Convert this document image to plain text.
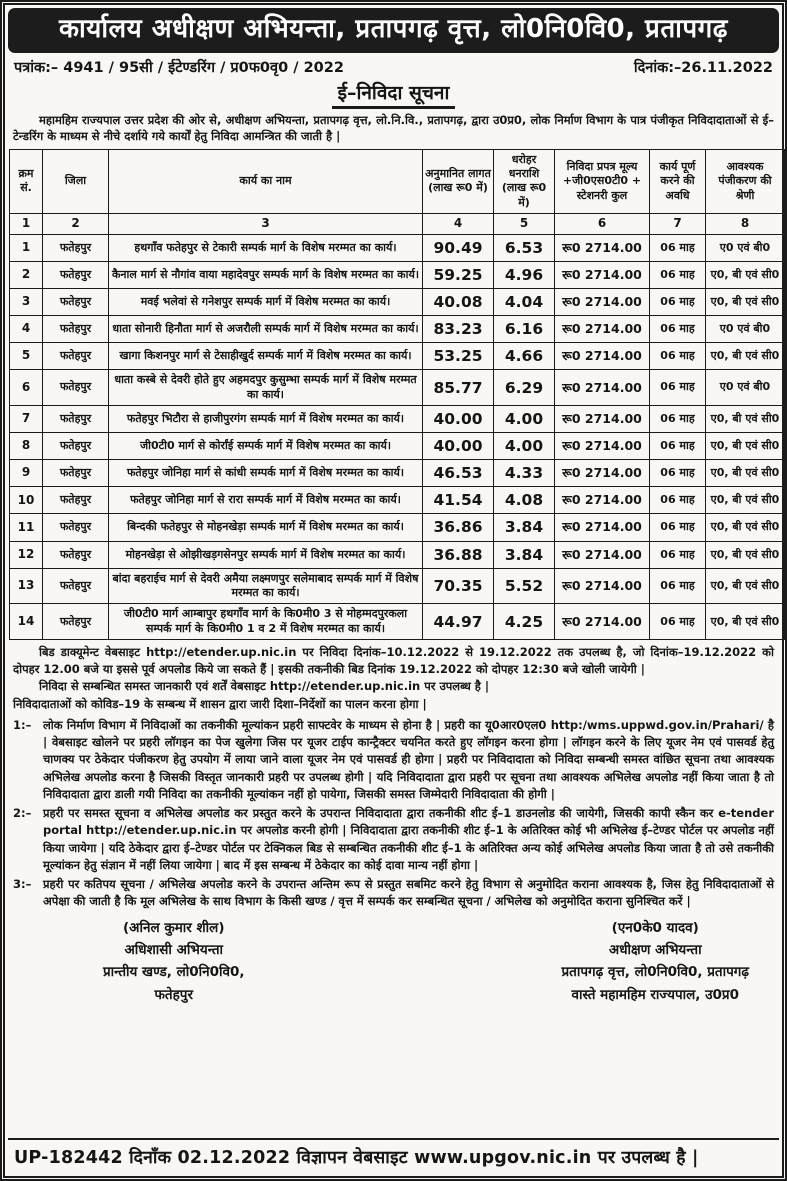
कार्यालय अधीक्षण अभियन्ता, प्रतापगढ़ वृत्त, लो0नि0वि0, प्रतापगढ़
पत्रांक:– 4941 / 95सी / ईटेण्डरिंग / प्र0फ0वृ0 / 2022	दिनांक:–26.11.2022
ई–निविदा सूचना

महामहिम राज्यपाल उत्तर प्रदेश की ओर से, अधीक्षण अभियन्ता, प्रतापगढ़ वृत्त, लो.नि.वि., प्रतापगढ़, द्वारा उ0प्र0, लोक निर्माण विभाग के पात्र पंजीकृत निविदादाताओं से ई–टेन्डरिंग के माध्यम से नीचे दर्शाये गये कार्यों हेतु निविदा आमन्त्रित की जाती है |

क्रम सं.	जिला	कार्य का नाम	अनुमानित लागत (लाख रू0 में)	धरोहर धनराशि (लाख रू0 में)	निविदा प्रपत्र मूल्य +जी0एस0टी0 + स्टेशनरी कुल	कार्य पूर्ण करने की अवधि	आवश्यक पंजीकरण की श्रेणी
1	2	3	4	5	6	7	8
1	फतेहपुर	हथगाँव फतेहपुर से टेकारी सम्पर्क मार्ग के विशेष मरम्मत का कार्य।	90.49	6.53	रू0 2714.00	06 माह	ए0 एवं बी0
2	फतेहपुर	कैनाल मार्ग से नौगांव वाया महादेवपुर सम्पर्क मार्ग के विशेष मरम्मत का कार्य।	59.25	4.96	रू0 2714.00	06 माह	ए0, बी एवं सी0
3	फतेहपुर	मवई भलेवां से गनेशपुर सम्पर्क मार्ग में विशेष मरम्मत का कार्य।	40.08	4.04	रू0 2714.00	06 माह	ए0, बी एवं सी0
4	फतेहपुर	धाता सोनारी हिनौता मार्ग से अजरौली सम्पर्क मार्ग में विशेष मरम्मत का कार्य।	83.23	6.16	रू0 2714.00	06 माह	ए0 एवं बी0
5	फतेहपुर	खागा किशनपुर मार्ग से टेसाहीखुर्द सम्पर्क मार्ग में विशेष मरम्मत का कार्य।	53.25	4.66	रू0 2714.00	06 माह	ए0, बी एवं सी0
6	फतेहपुर	धाता कस्बे से देवरी होते हुए अहमदपुर कुसुम्भा सम्पर्क मार्ग में विशेष मरम्मत का कार्य।	85.77	6.29	रू0 2714.00	06 माह	ए0 एवं बी0
7	फतेहपुर	फतेहपुर भिटौरा से हाजीपुरगंग सम्पर्क मार्ग में विशेष मरम्मत का कार्य।	40.00	4.00	रू0 2714.00	06 माह	ए0, बी एवं सी0
8	फतेहपुर	जी0टी0 मार्ग से कोर्रांई सम्पर्क मार्ग में विशेष मरम्मत का कार्य।	40.00	4.00	रू0 2714.00	06 माह	ए0, बी एवं सी0
9	फतेहपुर	फतेहपुर जोनिहा मार्ग से कांधी सम्पर्क मार्ग में विशेष मरम्मत का कार्य।	46.53	4.33	रू0 2714.00	06 माह	ए0, बी एवं सी0
10	फतेहपुर	फतेहपुर जोनिहा मार्ग से रारा सम्पर्क मार्ग में विशेष मरम्मत का कार्य।	41.54	4.08	रू0 2714.00	06 माह	ए0, बी एवं सी0
11	फतेहपुर	बिन्दकी फतेहपुर से मोहनखेड़ा सम्पर्क मार्ग में विशेष मरम्मत का कार्य।	36.86	3.84	रू0 2714.00	06 माह	ए0, बी एवं सी0
12	फतेहपुर	मोहनखेड़ा से ओझीखड़गसेनपुर सम्पर्क मार्ग में विशेष मरम्मत का कार्य।	36.88	3.84	रू0 2714.00	06 माह	ए0, बी एवं सी0
13	फतेहपुर	बांदा बहराईच मार्ग से देवरी अमैया लक्ष्मणपुर सलेमाबाद सम्पर्क मार्ग में विशेष मरम्मत का कार्य।	70.35	5.52	रू0 2714.00	06 माह	ए0, बी एवं सी0
14	फतेहपुर	जी0टी0 मार्ग आम्बापुर हथगाँव मार्ग के कि0मी0 3 से मोहम्मदपुरकला सम्पर्क मार्ग के कि0मी0 1 व 2 में विशेष मरम्मत का कार्य।	44.97	4.25	रू0 2714.00	06 माह	ए0, बी एवं सी0

बिड डाक्यूमेन्ट वेबसाइट http://etender.up.nic.in पर निविदा दिनांक–10.12.2022 से 19.12.2022 तक उपलब्ध है, जो दिनांक–19.12.2022 को दोपहर 12.00 बजे या इससे पूर्व अपलोड किये जा सकते हैं | इसकी तकनीकी बिड दिनांक 19.12.2022 को दोपहर 12:30 बजे खोली जायेगी |

निविदा से सम्बन्धित समस्त जानकारी एवं शर्तें वेबसाइट http://etender.up.nic.in पर उपलब्ध है |

निविदादाताओं को कोविड–19 के सम्बन्ध में शासन द्वारा जारी दिशा–निर्देशों का पालन करना होगा |

1:–	लोक निर्माण विभाग में निविदाओं का तकनीकी मूल्यांकन प्रहरी साफ्टवेर के माध्यम से होना है | प्रहरी का यू0आर0एल0 http:/wms.uppwd.gov.in/Prahari/ है | वेबसाइट खोलने पर प्रहरी लॉगइन का पेज खुलेगा जिस पर यूजर टाईप कान्ट्रैक्टर चयनित करते हुए लॉगइन करना होगा | लॉगइन करने के लिए यूजर नेम एवं पासवर्ड हेतु चाणक्य पर ठेकेदार पंजीकरण हेतु उपयोग में लाया जाने वाला यूजर नेम एवं पासवर्ड ही होगा | प्रहरी पर निविदादाता को निविदा सम्बन्धी समस्त वांछित सूचना तथा आवश्यक अभिलेख अपलोड करना है जिसकी विस्तृत जानकारी प्रहरी पर उपलब्ध होगी | यदि निविदादाता द्वारा प्रहरी पर सूचना तथा आवश्यक अभिलेख अपलोड नहीं किया जाता है तो निविदादाता द्वारा डाली गयी निविदा का तकनीकी मूल्यांकन नहीं हो पायेगा, जिसकी समस्त जिम्मेदारी निविदादाता की होगी |
2:–	प्रहरी पर समस्त सूचना व अभिलेख अपलोड कर प्रस्तुत करने के उपरान्त निविदादाता द्वारा तकनीकी शीट ई–1 डाउनलोड की जायेगी, जिसकी कापी स्कैन कर e-tender portal http://etender.up.nic.in पर अपलोड करनी होगी | निविदादाता द्वारा तकनीकी शीट ई–1 के अतिरिक्त कोई भी अभिलेख ई–टेण्डर पोर्टल पर अपलोड नहीं किया जायेगा | यदि ठेकेदार द्वारा ई–टेण्डर पोर्टल पर टेक्निकल बिड से सम्बन्धित तकनीकी शीट ई–1 के अतिरिक्त अन्य कोई अभिलेख अपलोड किया जाता है तो उसे तकनीकी मूल्यांकन हेतु संज्ञान में नहीं लिया जायेगा | बाद में इस सम्बन्ध में ठेकेदार का कोई दावा मान्य नहीं होगा |
3:–	प्रहरी पर कतिपय सूचना / अभिलेख अपलोड करने के उपरान्त अन्तिम रूप से प्रस्तुत सबमिट करने हेतु विभाग से अनुमोदित कराना आवश्यक है, जिस हेतु निविदादाताओं से अपेक्षा की जाती है कि मूल अभिलेख के साथ विभाग के किसी खण्ड / वृत्त में सम्पर्क कर सम्बन्धित सूचना / अभिलेख को अनुमोदित कराना सुनिश्चित करें |
(अनिल कुमार शील)
अधिशासी अभियन्ता
प्रान्तीय खण्ड, लो0नि0वि0,
फतेहपुर
(एन0के0 यादव)
अधीक्षण अभियन्ता
प्रतापगढ़ वृत्त, लो0नि0वि0, प्रतापगढ़
वास्ते महामहिम राज्यपाल, उ0प्र0
UP-182442 दिनाँक 02.12.2022 विज्ञापन वेबसाइट www.upgov.nic.in पर उपलब्ध है |
